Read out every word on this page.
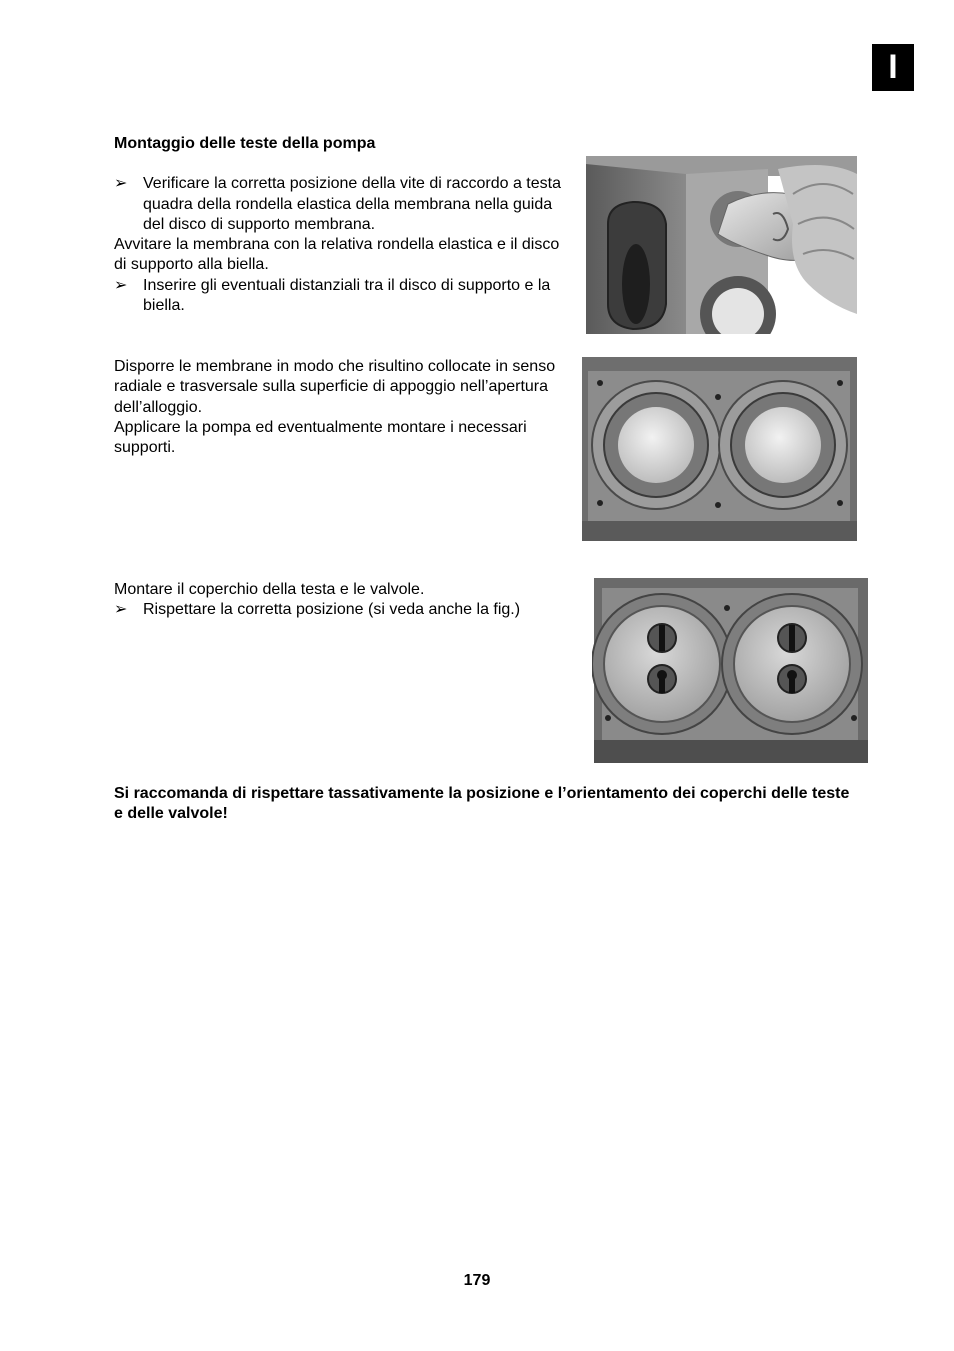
I
Montaggio delle teste della pompa
➢ Verificare la corretta posizione della vite di raccordo a testa quadra della rondella elastica della membrana nella guida del disco di supporto membrana.
Avvitare la membrana con la relativa rondella elastica e il disco di supporto alla biella.
➢ Inserire gli eventuali distanziali tra il disco di supporto e la biella.
Disporre le membrane in modo che risultino collocate in senso radiale e trasversale sulla superficie di appoggio nell’apertura dell’alloggio.
Applicare la pompa ed eventualmente montare i necessari supporti.
Montare il coperchio della testa e le valvole.
➢ Rispettare la corretta posizione (si veda anche la fig.)
Si raccomanda di rispettare tassativamente la posizione e l’orientamento dei coperchi delle teste e delle valvole!
179
